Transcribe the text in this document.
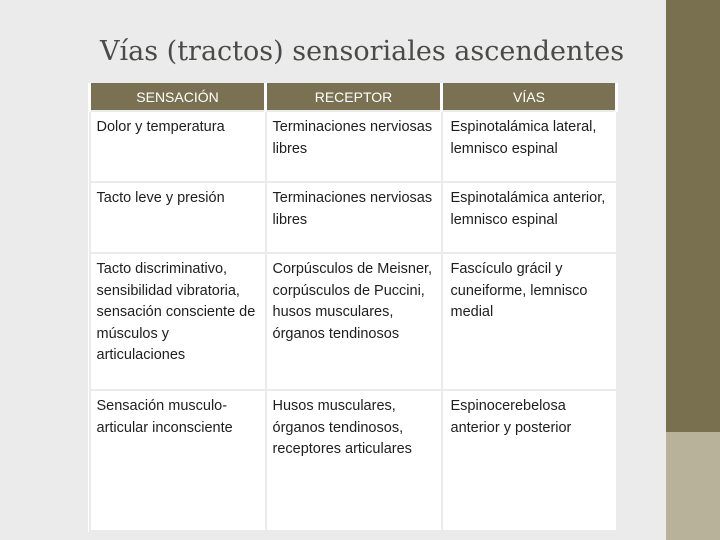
Vías (tractos) sensoriales ascendentes
SENSACIÓN	RECEPTOR	VÍAS
Dolor y temperatura	Terminaciones nerviosas libres	Espinotalámica lateral, lemnisco espinal
Tacto leve y presión	Terminaciones nerviosas libres	Espinotalámica anterior, lemnisco espinal
Tacto discriminativo, sensibilidad vibratoria, sensación consciente de músculos y articulaciones	Corpúsculos de Meisner, corpúsculos de Puccini, husos musculares, órganos tendinosos	Fascículo grácil y cuneiforme, lemnisco medial
Sensación musculo-articular inconsciente	Husos musculares, órganos tendinosos, receptores articulares	Espinocerebelosa anterior y posterior
